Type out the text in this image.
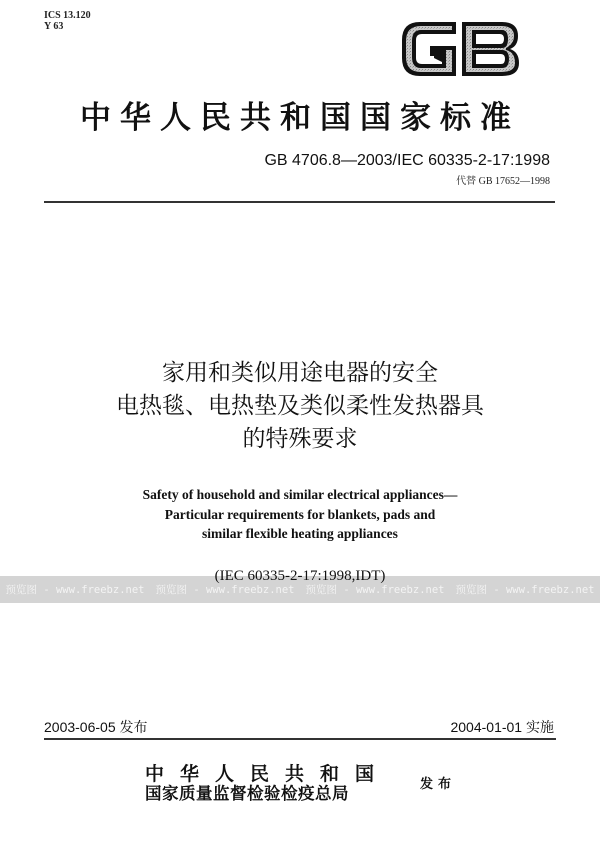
ICS 13.120
Y 63
中华人民共和国国家标准
GB 4706.8—2003/IEC 60335-2-17:1998
代替 GB 17652—1998
家用和类似用途电器的安全
电热毯、电热垫及类似柔性发热器具
的特殊要求
Safety of household and similar electrical appliances—
Particular requirements for blankets, pads and
similar flexible heating appliances
预览图 - www.freebz.net 预览图 - www.freebz.net 预览图 - www.freebz.net 预览图 - www.freebz.net
(IEC 60335-2-17:1998,IDT)
2003-06-05 发布	2004-01-01 实施
中华人民共和国
国家质量监督检验检疫总局	发布
